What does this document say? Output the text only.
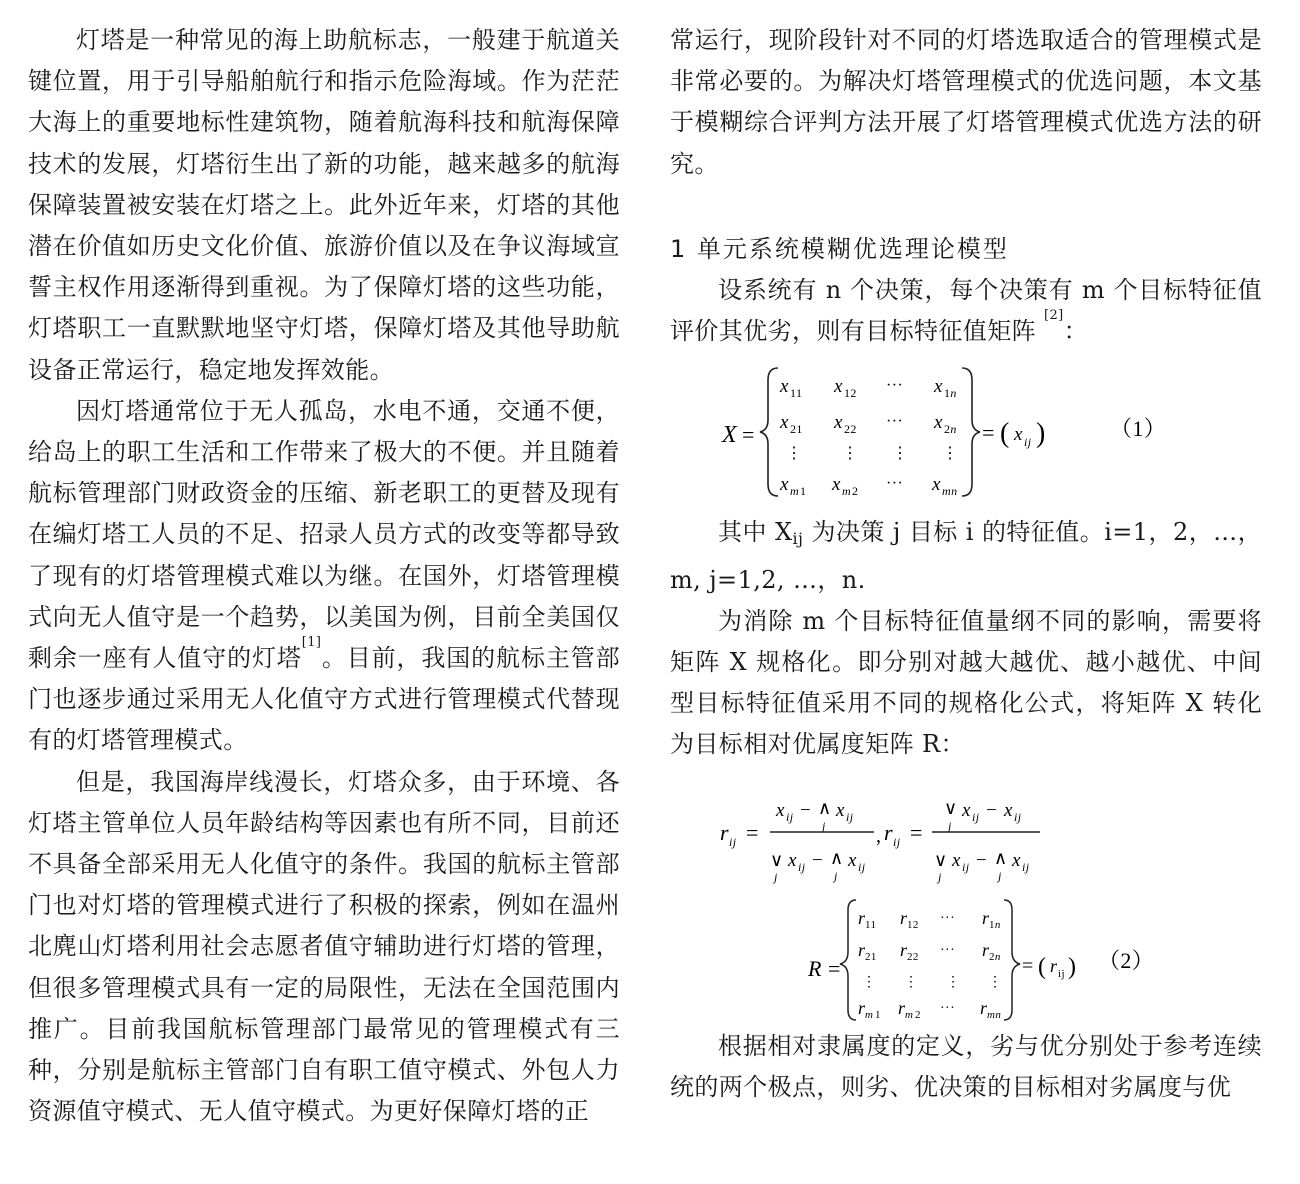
灯塔是一种常见的海上助航标志，一般建于航道关键位置，用于引导船舶航行和指示危险海域。作为茫茫大海上的重要地标性建筑物，随着航海科技和航海保障技术的发展，灯塔衍生出了新的功能，越来越多的航海保障装置被安装在灯塔之上。此外近年来，灯塔的其他潜在价值如历史文化价值、旅游价值以及在争议海域宣誓主权作用逐渐得到重视。为了保障灯塔的这些功能，灯塔职工一直默默地坚守灯塔，保障灯塔及其他导助航设备正常运行，稳定地发挥效能。

因灯塔通常位于无人孤岛，水电不通，交通不便，给岛上的职工生活和工作带来了极大的不便。并且随着航标管理部门财政资金的压缩、新老职工的更替及现有在编灯塔工人员的不足、招录人员方式的改变等都导致了现有的灯塔管理模式难以为继。在国外，灯塔管理模式向无人值守是一个趋势，以美国为例，目前全美国仅剩余一座有人值守的灯塔[1]。目前，我国的航标主管部门也逐步通过采用无人化值守方式进行管理模式代替现有的灯塔管理模式。

但是，我国海岸线漫长，灯塔众多，由于环境、各灯塔主管单位人员年龄结构等因素也有所不同，目前还不具备全部采用无人化值守的条件。我国的航标主管部门也对灯塔的管理模式进行了积极的探索，例如在温州北麂山灯塔利用社会志愿者值守辅助进行灯塔的管理，但很多管理模式具有一定的局限性，无法在全国范围内推广。目前我国航标管理部门最常见的管理模式有三种，分别是航标主管部门自有职工值守模式、外包人力资源值守模式、无人值守模式。为更好保障灯塔的正

常运行，现阶段针对不同的灯塔选取适合的管理模式是非常必要的。为解决灯塔管理模式的优选问题，本文基于模糊综合评判方法开展了灯塔管理模式优选方法的研究。

1 单元系统模糊优选理论模型

设系统有 n 个决策，每个决策有 m 个目标特征值评价其优劣，则有目标特征值矩阵 [2]：

X =
x 11 x 12 ··· x 1n
x 21 x 22 ··· x 2n
⋮ ⋮ ⋮ ⋮
x m 1 x m 2 ··· x mn
= ( x ij )	（1）

其中 $X_{ij}$ 为决策 j 目标 i 的特征值。i=1，2，…，m, j=1,2, …，n.

为消除 m 个目标特征值量纲不同的影响，需要将矩阵 X 规格化。即分别对越大越优、越小越优、中间型目标特征值采用不同的规格化公式，将矩阵 X 转化为目标相对优属度矩阵 R：

r ij =
x ij − ∧
j
x ij
∨
j
x ij − ∧
j
x ij
, r ij =
∨
j
x ij − x ij
∨
j
x ij − ∧
j
x ij
R =
r 11 r 12 ··· r 1n
r 21 r 22 ··· r 2n
⋮ ⋮ ⋮ ⋮
r m 1 r m 2 ··· r mn
= ( r ij ) （2）

根据相对隶属度的定义，劣与优分别处于参考连续统的两个极点，则劣、优决策的目标相对劣属度与优
